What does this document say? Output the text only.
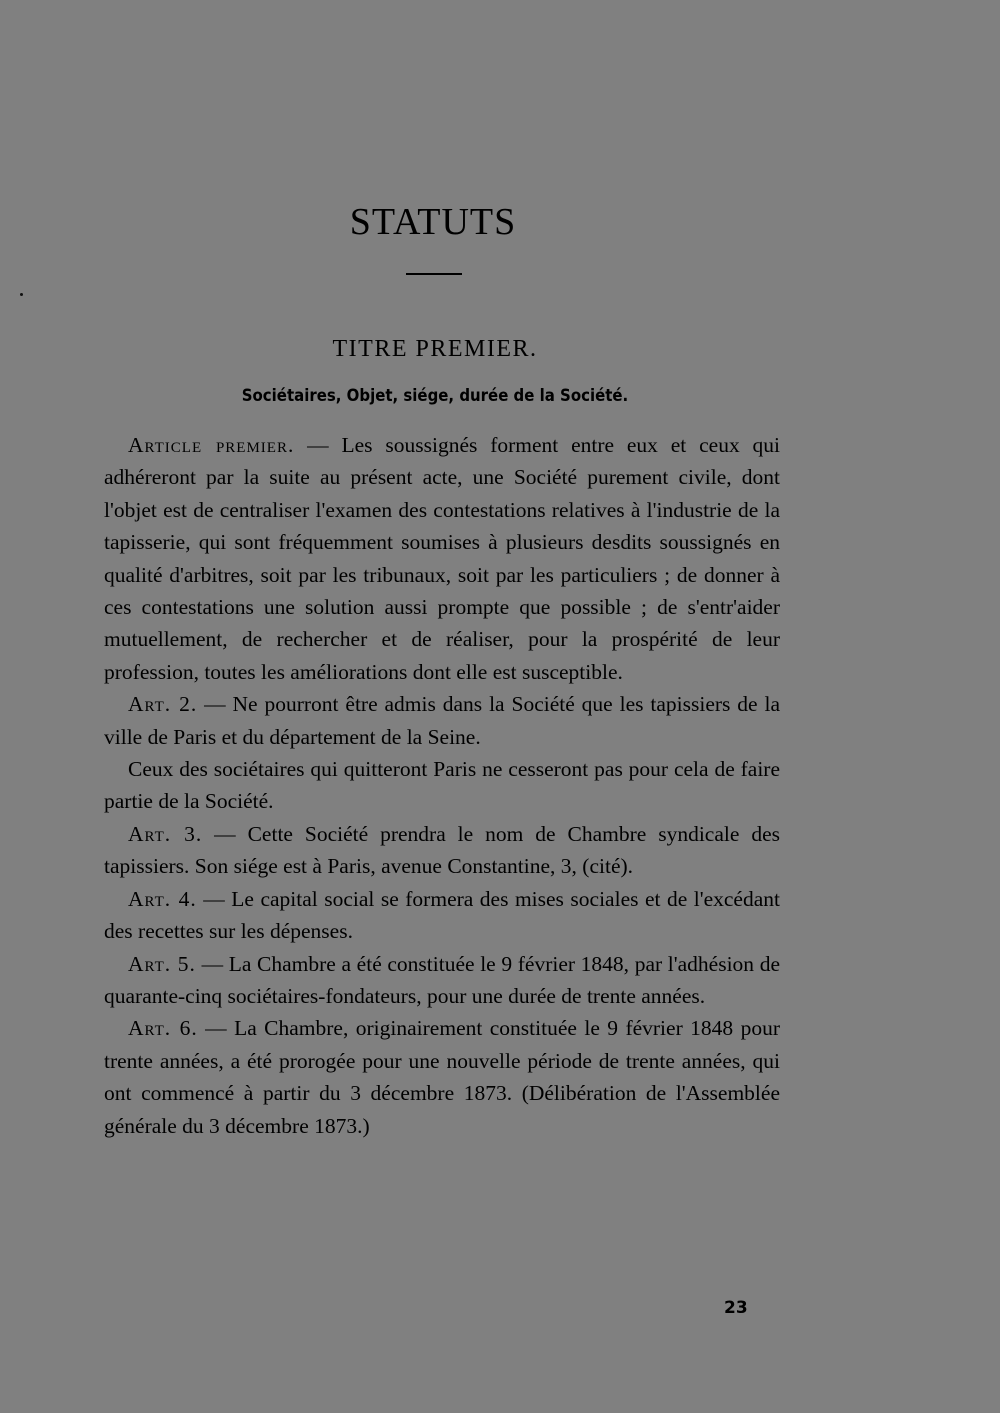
STATUTS
TITRE PREMIER.
Sociétaires, Objet, siége, durée de la Société.

Article premier. — Les soussignés forment entre eux et ceux qui adhéreront par la suite au présent acte, une Société purement civile, dont l'objet est de centraliser l'examen des contestations relatives à l'industrie de la tapisserie, qui sont fréquemment soumises à plusieurs desdits soussignés en qualité d'arbitres, soit par les tribunaux, soit par les particuliers ; de donner à ces contestations une solution aussi prompte que possible ; de s'entr'aider mutuellement, de rechercher et de réaliser, pour la prospérité de leur profession, toutes les améliorations dont elle est susceptible.

Art. 2. — Ne pourront être admis dans la Société que les tapissiers de la ville de Paris et du département de la Seine.

Ceux des sociétaires qui quitteront Paris ne cesseront pas pour cela de faire partie de la Société.

Art. 3. — Cette Société prendra le nom de Chambre syndicale des tapissiers. Son siége est à Paris, avenue Constantine, 3, (cité).

Art. 4. — Le capital social se formera des mises sociales et de l'excédant des recettes sur les dépenses.

Art. 5. — La Chambre a été constituée le 9 février 1848, par l'adhésion de quarante-cinq sociétaires-fondateurs, pour une durée de trente années.

Art. 6. — La Chambre, originairement constituée le 9 février 1848 pour trente années, a été prorogée pour une nouvelle période de trente années, qui ont commencé à partir du 3 décembre 1873. (Délibération de l'Assemblée générale du 3 décembre 1873.)

23
